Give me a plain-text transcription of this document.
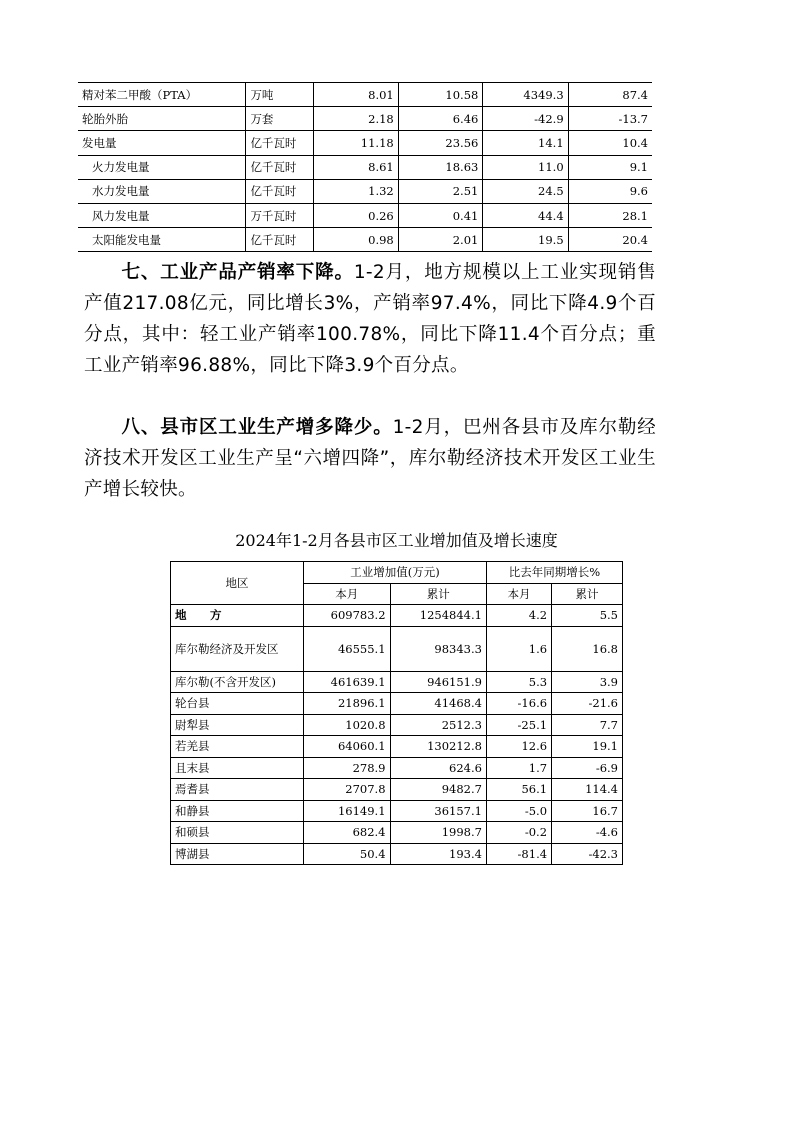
精对苯二甲酸（PTA）	万吨	8.01	10.58	4349.3	87.4
轮胎外胎	万套	2.18	6.46	-42.9	-13.7
发电量	亿千瓦时	11.18	23.56	14.1	10.4
火力发电量	亿千瓦时	8.61	18.63	11.0	9.1
水力发电量	亿千瓦时	1.32	2.51	24.5	9.6
风力发电量	万千瓦时	0.26	0.41	44.4	28.1
太阳能发电量	亿千瓦时	0.98	2.01	19.5	20.4

七、工业产品产销率下降。1-2月，地方规模以上工业实现销售产值217.08亿元，同比增长3%，产销率97.4%，同比下降4.9个百分点，其中：轻工业产销率100.78%，同比下降11.4个百分点；重工业产销率96.88%，同比下降3.9个百分点。

八、县市区工业生产增多降少。1-2月，巴州各县市及库尔勒经济技术开发区工业生产呈“六增四降”，库尔勒经济技术开发区工业生产增长较快。

2024年1-2月各县市区工业增加值及增长速度
地区	工业增加值(万元)		比去年同期增长%	
	本月	累计	本月	累计
地　方	609783.2	1254844.1	4.2	5.5
库尔勒经济及开发区	46555.1	98343.3	1.6	16.8
库尔勒(不含开发区)	461639.1	946151.9	5.3	3.9
轮台县	21896.1	41468.4	-16.6	-21.6
尉犁县	1020.8	2512.3	-25.1	7.7
若羌县	64060.1	130212.8	12.6	19.1
且末县	278.9	624.6	1.7	-6.9
焉耆县	2707.8	9482.7	56.1	114.4
和静县	16149.1	36157.1	-5.0	16.7
和硕县	682.4	1998.7	-0.2	-4.6
博湖县	50.4	193.4	-81.4	-42.3
